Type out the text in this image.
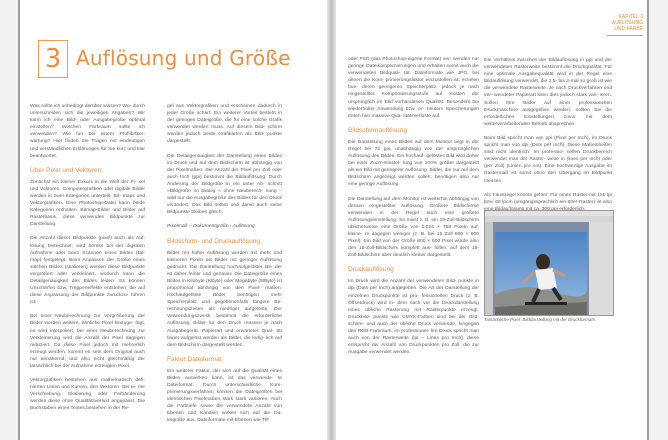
3 Auflösung und Größe

Was sollte ich unbedingt darüber wissen? Wo- durch unterscheiden sich die jeweiligen Angaben? Wir kann ich eine Bild- oder Ausgabegröße optimal einstellen? Welchen Farbraum sollte ich verwenden? Wie fun bei einem Profilbrtker- wartung? Hier finden Sie Fragen mit eindeutigen und verständlichen Erklärungen für Sie kurz und klar beantwortet.

Über Pixel und Vektoren

Zunächst ein kleiner Exkurs in die Welt der Pi- xel und Vektoren. Computergrafiken oder digitale Bilder werden in zwei Kategorien unterteilt, Bit- maps und Vektorgrafiken. Eine Photoshop-Datei kann beide Kategorien enthalten. Bitmap-Bilder und Bilder auf Rasterbasis, diese verwenden Bildpunkte zur Darstellung.

Die Anzahl dieser Bildpunkte (pixel) auch als Auf- lösung bezeichnet, wird bereits bei der digitalen Aufnahme oder beim Scannen eines Bildes (Bit- map) festgelegt. Beim Anpassen der Größe eines solchen Bildes (skalieren) werden diese Bildpunkte vergrößert oder verkleinert, wodurch kann die Detailgenauigkeit des Bildes leiden. Es können Unschärfen bzw. Treppeneffekte entstehen, die auf diese Anpassung der Bildpunkte zurückzu- führen ist.

Bei einer Neuberechnung zur Vergrößerung der Bilder werden weitere, ähnliche Pixel hinzuge- fügt, es wird interpoliert, bei einer Neuberechnung zur Verkleinerung wird die Anzahl der Pixel dagegen reduziert. Da diese Pixel jedoch mit mehrerlich erzeugt werden, kommt es sein dem Original auch nur annähernd, und also nicht gleichmäßig der tatsächlich bei der Aufnahme erzeugten Pixel.

Vektorgrafiken bestehen aus mathematisch defi- nierten Linien und Kurven, den Vektoren. Bei ei- ner Verschiebung, Skalierung oder Farbänderung werden diese ohne Qualitätsverlust angepasst. Die Buchstaben eines Textes bestehen in der Re-

gel aus Vektorgrafiken und erscheinen dadurch in jeder Größe scharf. Ein weiterer Vorteil besteht in der geringen Dateigröße, die für eine solche Grafik verwendet werden muss. Auf diesem Bild- schirm werden jedoch beide Grafikarten als Bild- punkte dargestellt.

Die Detailgenauigkeit der Darstellung eines Bildes im Druck und auf dem Bildschirm ist abhängig von der Pixelmaßen. Die Anzahl der Pixel pro Zoll oder auch Inch (ppi) bestimmt die Bildauflösung. Durch Änderung der Bildgröße in ein unter Ab- schnitt »Bildgröße im Dialog » ohne Neuberech- nung – wird nur die Ausgabegröße des Bildes für den Druck verändert. Das Bild selbst und damit auch seine Bildpunkte bleiben gleich.

Pixelmaß – Dokumentgröße › Auflösung

Bildschirm- und Druckauflösung

Bilder mit hoher Auflösung werden mit mehr und kleineren Pixeln als Bilder mit geringer Auflösung gedruckt. Die Darstellung hochaufgelöster Bil- der ist daher feiner und genauer. Die Dateigröße eines Bildes in Kilobyte (KByte) oder Megabyte (MByte) ist proportional abhängig von den Pixel- maßen. Hochaufgelöste Bilder benötigen mehr Speicherplatz und gegebenenfalls längere Be- rechnungszeiten als niedriger aufgelöste. Der Verwendungszweck bestimmt die erforderliche Auflösung. Bilder für den Druck müssen je nach Ausgabegerät, Papierart und erwarteter Qual- tät feiner aufgelöst werden als Bilder, die ledig- lich auf dem Bildschirm dargestellt werden.

Faktor Dateiformat

Ein weiterer Faktor, der sich auf die Qualität eines Bildes auswirken kann, ist das verwende- te Dateiformat. Durch unterschiedliche Kom- primierungsverfahren können die Dateigrößen bei identischen Pixelmaßen stark stark variieren. Auch die Farbtiefe sowie die verwendete Anzahl von Ebenen und Kanälen wirken sich auf die Da- teigröße aus. Dateiformate mit Ebenen wie TIF

KAPITEL 3
AUFLÖSUNG UND FARBE

oder PSD (das Photoshop-eigene Format) ver- wenden nur geringe Dateikomprimierungen und erhalten somit auch die verwendeten Bildquali- tät. Dateiformate wie JPG, bei denen die Kom- primierungsfaktor einzustellen ist, erzielen bue- deren geringeren Speicherplatz, jedoch je nach eingestellter Komprimierungsstufe auf Kosten der ursprünglich im Bild vorhandenen Qualität. Besonders bei wiederholter Anwendung bzw. er- neutem Speicherungen treten hier massive Qua- litätsverluste auf.

Bildschirmauflösung

Die Darstellung eines Bildes auf dem Monitor liegt in der Regel bei 72 ppi, unabhängig von der ursprünglichen Auflösung des Bildes. Ein hochauf- gelöstes Bild wird daher bei einer Zoom-Einstel- lung von 100% größer dargestellt als ein Bild mit geringerer Auflösung. Bilder, die nur auf dem Bildschirm angezeigt werden sollen, benötigen also nur eine geringe Auflösung.

Die Darstellung auf dem Monitor ist weiterhin abhängig von dessen eingestellter Auflösung. Größere Bildschirme verwenden in der Regel auch eine größere Auflösungseinstellung. So misst z. B. ein 19-Zoll-Bildschirm üblicherweise eine Größe von 1.024 × 768 Pixeln auf, kleine- re dagegen weniger (z. B. bei 15 Zoll 800 × 600 Pixel). Ein Bild von der Größe 800 × 600 Pixel würde also den 15-Zoll-Bildschirm komplett aus- füllen, auf dem 19-Zoll-Bildschirm aber deutlich kleiner dargestellt.

Druckauflösung

Im Druck wird die Anzahl der verwendeten Bild- punkte in dpi (Dots per Inch) angegeben. Die Art der Darstellung der einzelnen Druckpunkte ist pro- fessionellen Druck (z. B. Offsetdruck) wird in- dem nach vor die Druckdarstellung eines übliche Rasterung mit Rasterpunkte erzeugt. Druckbild- punkte wie CMYK-Farben sind bei der Bild- schirm- und auch der übliche Druck verwende, hingegen den RGB-Farbraum, im professionel- len Druck spricht man auch von der Rasterweite (lpi – Lines pro Inch), diese entspricht der Anzahl von Druckpunkten pro Zoll, die zur Ausgabe verwendet werden.

Die Verhältnis zwischen der Bildauflösung in ppi und der verwendeten Rasterweite bestimmt die Druckqualität. Für eine optimale Ausgabequalität wird in der Regel eine Bildauflösung verwendet, die 1,5- bis 2-mal so groß ist wie die verwendete Rasterweite. Je nach Druckverfahren und ver- wendeter Papierart kann dies jedoch stark vari- ieren. Sollen Ihre Bilder auf einer professionellen Druckmaschine ausgegeben werden, sollten Sie die erforderlichen Einstellungen zuvor mit dem weiterverarbeitenden Betrieb absprechen.

Beim Bild spricht man von ppi (Pixel per Inch), im Druck spricht man von dpi (Dots per Inch). Diese Maßeinheiten sind nicht identisch: Im professio- nellen Druckbereich verwendet man der Raster- weite in (lines per inch) oder (per Zoll) (Linien pro cm). Eine hochwertige Ausgabe im Rastermaß ist somit ohne den Übergang im Bildpunkt messen.

Als Faustregel könnte gelten: Für einen Raster mit 150 lpi bzw. 60 lpcm (umgangssprachlich ein 60er-Raster) ist also

Tatsächliche Pixel: Bilddarstellung mit der Druckformats.
